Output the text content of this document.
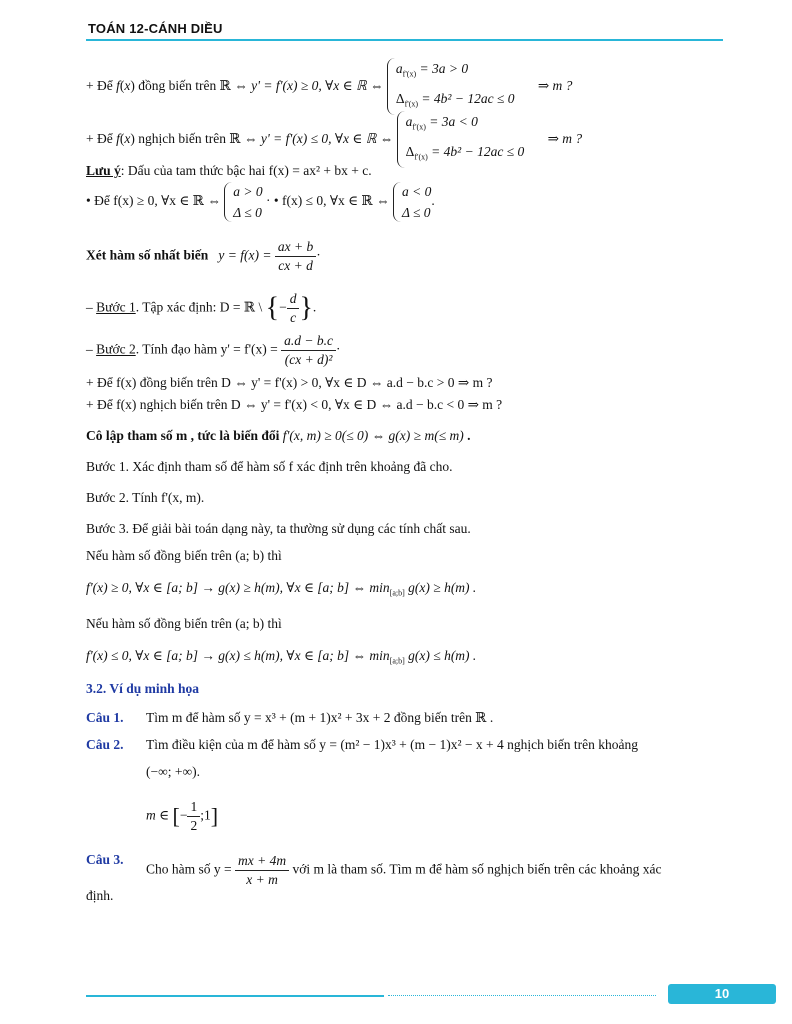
TOÁN 12-CÁNH DIỀU
+ Để f(x) đồng biến trên ℝ ⇔ y' = f'(x) ≥ 0, ∀x ∈ ℝ ⇔
$a_{f'(x)} = 3a > 0$
$\Delta_{f'(x)} = 4b^2 - 12ac \le 0$
⇒ m ?
+ Để f(x) nghịch biến trên ℝ ⇔ y' = f'(x) ≤ 0, ∀x ∈ ℝ ⇔
$a_{f'(x)} = 3a < 0$
$\Delta_{f'(x)} = 4b^2 - 12ac \le 0$
⇒ m ?
Lưu ý: Dấu của tam thức bậc hai f(x) = ax² + bx + c.
• Để f(x) ≥ 0, ∀x ∈ ℝ ⇔
a > 0
Δ ≤ 0
· • f(x) ≤ 0, ∀x ∈ ℝ ⇔
a < 0
Δ ≤ 0
.
Xét hàm số nhất biến $y = f(x) = \frac{ax + b}{cx + d}$ ·
– Bước 1. Tập xác định: D = ℝ \ {− $\frac{d}{c}$ }.
– Bước 2. Tính đạo hàm $y' = f'(x) = \frac{a.d - b.c}{\text{(cx + d)²}}$ ·
+ Để f(x) đồng biến trên D ⇔ y' = f'(x) > 0, ∀x ∈ D ⇔ a.d − b.c > 0 ⇒ m ?
+ Để f(x) nghịch biến trên D ⇔ y' = f'(x) < 0, ∀x ∈ D ⇔ a.d − b.c < 0 ⇒ m ?
Cô lập tham số m , tức là biến đổi f'(x, m) ≥ 0(≤ 0) ⇔ g(x) ≥ m(≤ m) .
Bước 1. Xác định tham số để hàm số f xác định trên khoảng đã cho.
Bước 2. Tính f'(x, m).
Bước 3. Để giải bài toán dạng này, ta thường sử dụng các tính chất sau.
Nếu hàm số đồng biến trên (a; b) thì
f'(x) ≥ 0, ∀x ∈ [a; b] → g(x) ≥ h(m), ∀x ∈ [a; b] ⇔ $\min_{[a;b]} g(x) \ge h(m)$ .
Nếu hàm số đồng biến trên (a; b) thì
f'(x) ≤ 0, ∀x ∈ [a; b] → g(x) ≤ h(m), ∀x ∈ [a; b] ⇔ $\min_{[a;b]} g(x) \le h(m)$ .
3.2. Ví dụ minh họa
Câu 1. Tìm m để hàm số y = x³ + (m + 1)x² + 3x + 2 đồng biến trên ℝ .
Câu 2. Tìm điều kiện của m để hàm số y = (m² − 1)x³ + (m − 1)x² − x + 4 nghịch biến trên khoảng
(−∞; +∞).
m ∈ [− $\frac{1}{2}$ ;1]
Câu 3.
Cho hàm số $y = \frac{mx + 4m}{x + m}$ với m là tham số. Tìm m để hàm số nghịch biến trên các khoảng xác
định.
10
